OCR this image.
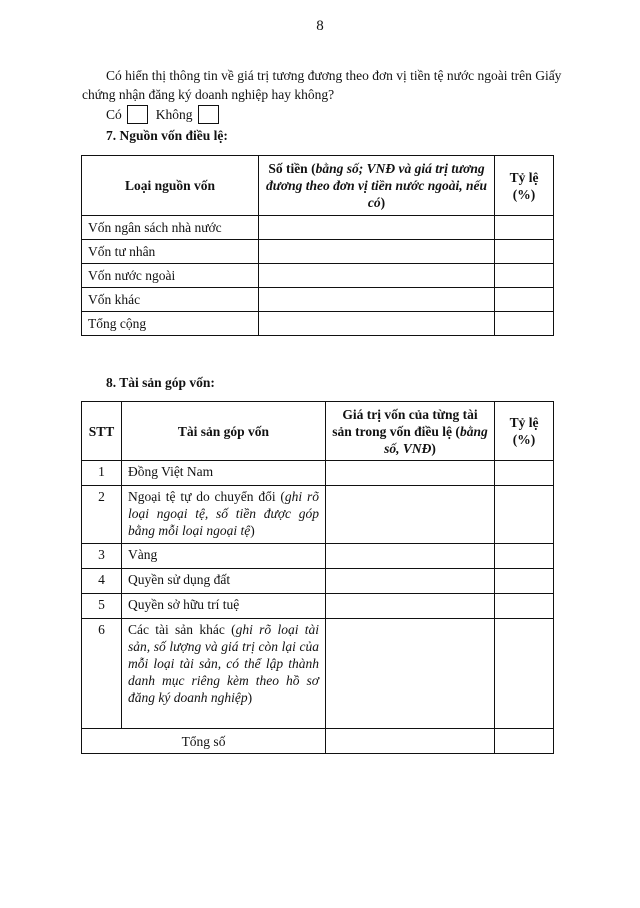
8
Có hiển thị thông tin về giá trị tương đương theo đơn vị tiền tệ nước ngoài trên Giấy chứng nhận đăng ký doanh nghiệp hay không?
Có	Không
7. Nguồn vốn điều lệ:
Loại nguồn vốn	Số tiền (bằng số; VNĐ và giá trị tương đương theo đơn vị tiền nước ngoài, nếu có)	Tỷ lệ (%)
Vốn ngân sách nhà nước		
Vốn tư nhân		
Vốn nước ngoài		
Vốn khác		
Tổng cộng		
8. Tài sản góp vốn:
STT	Tài sản góp vốn	Giá trị vốn của từng tài sản trong vốn điều lệ (bằng số, VNĐ)	Tỷ lệ (%)
1	Đồng Việt Nam		
2	Ngoại tệ tự do chuyển đổi (ghi rõ loại ngoại tệ, số tiền được góp bằng mỗi loại ngoại tệ)		
3	Vàng		
4	Quyền sử dụng đất		
5	Quyền sở hữu trí tuệ		
6	Các tài sản khác (ghi rõ loại tài sản, số lượng và giá trị còn lại của mỗi loại tài sản, có thể lập thành danh mục riêng kèm theo hồ sơ đăng ký doanh nghiệp)		
Tổng số			
